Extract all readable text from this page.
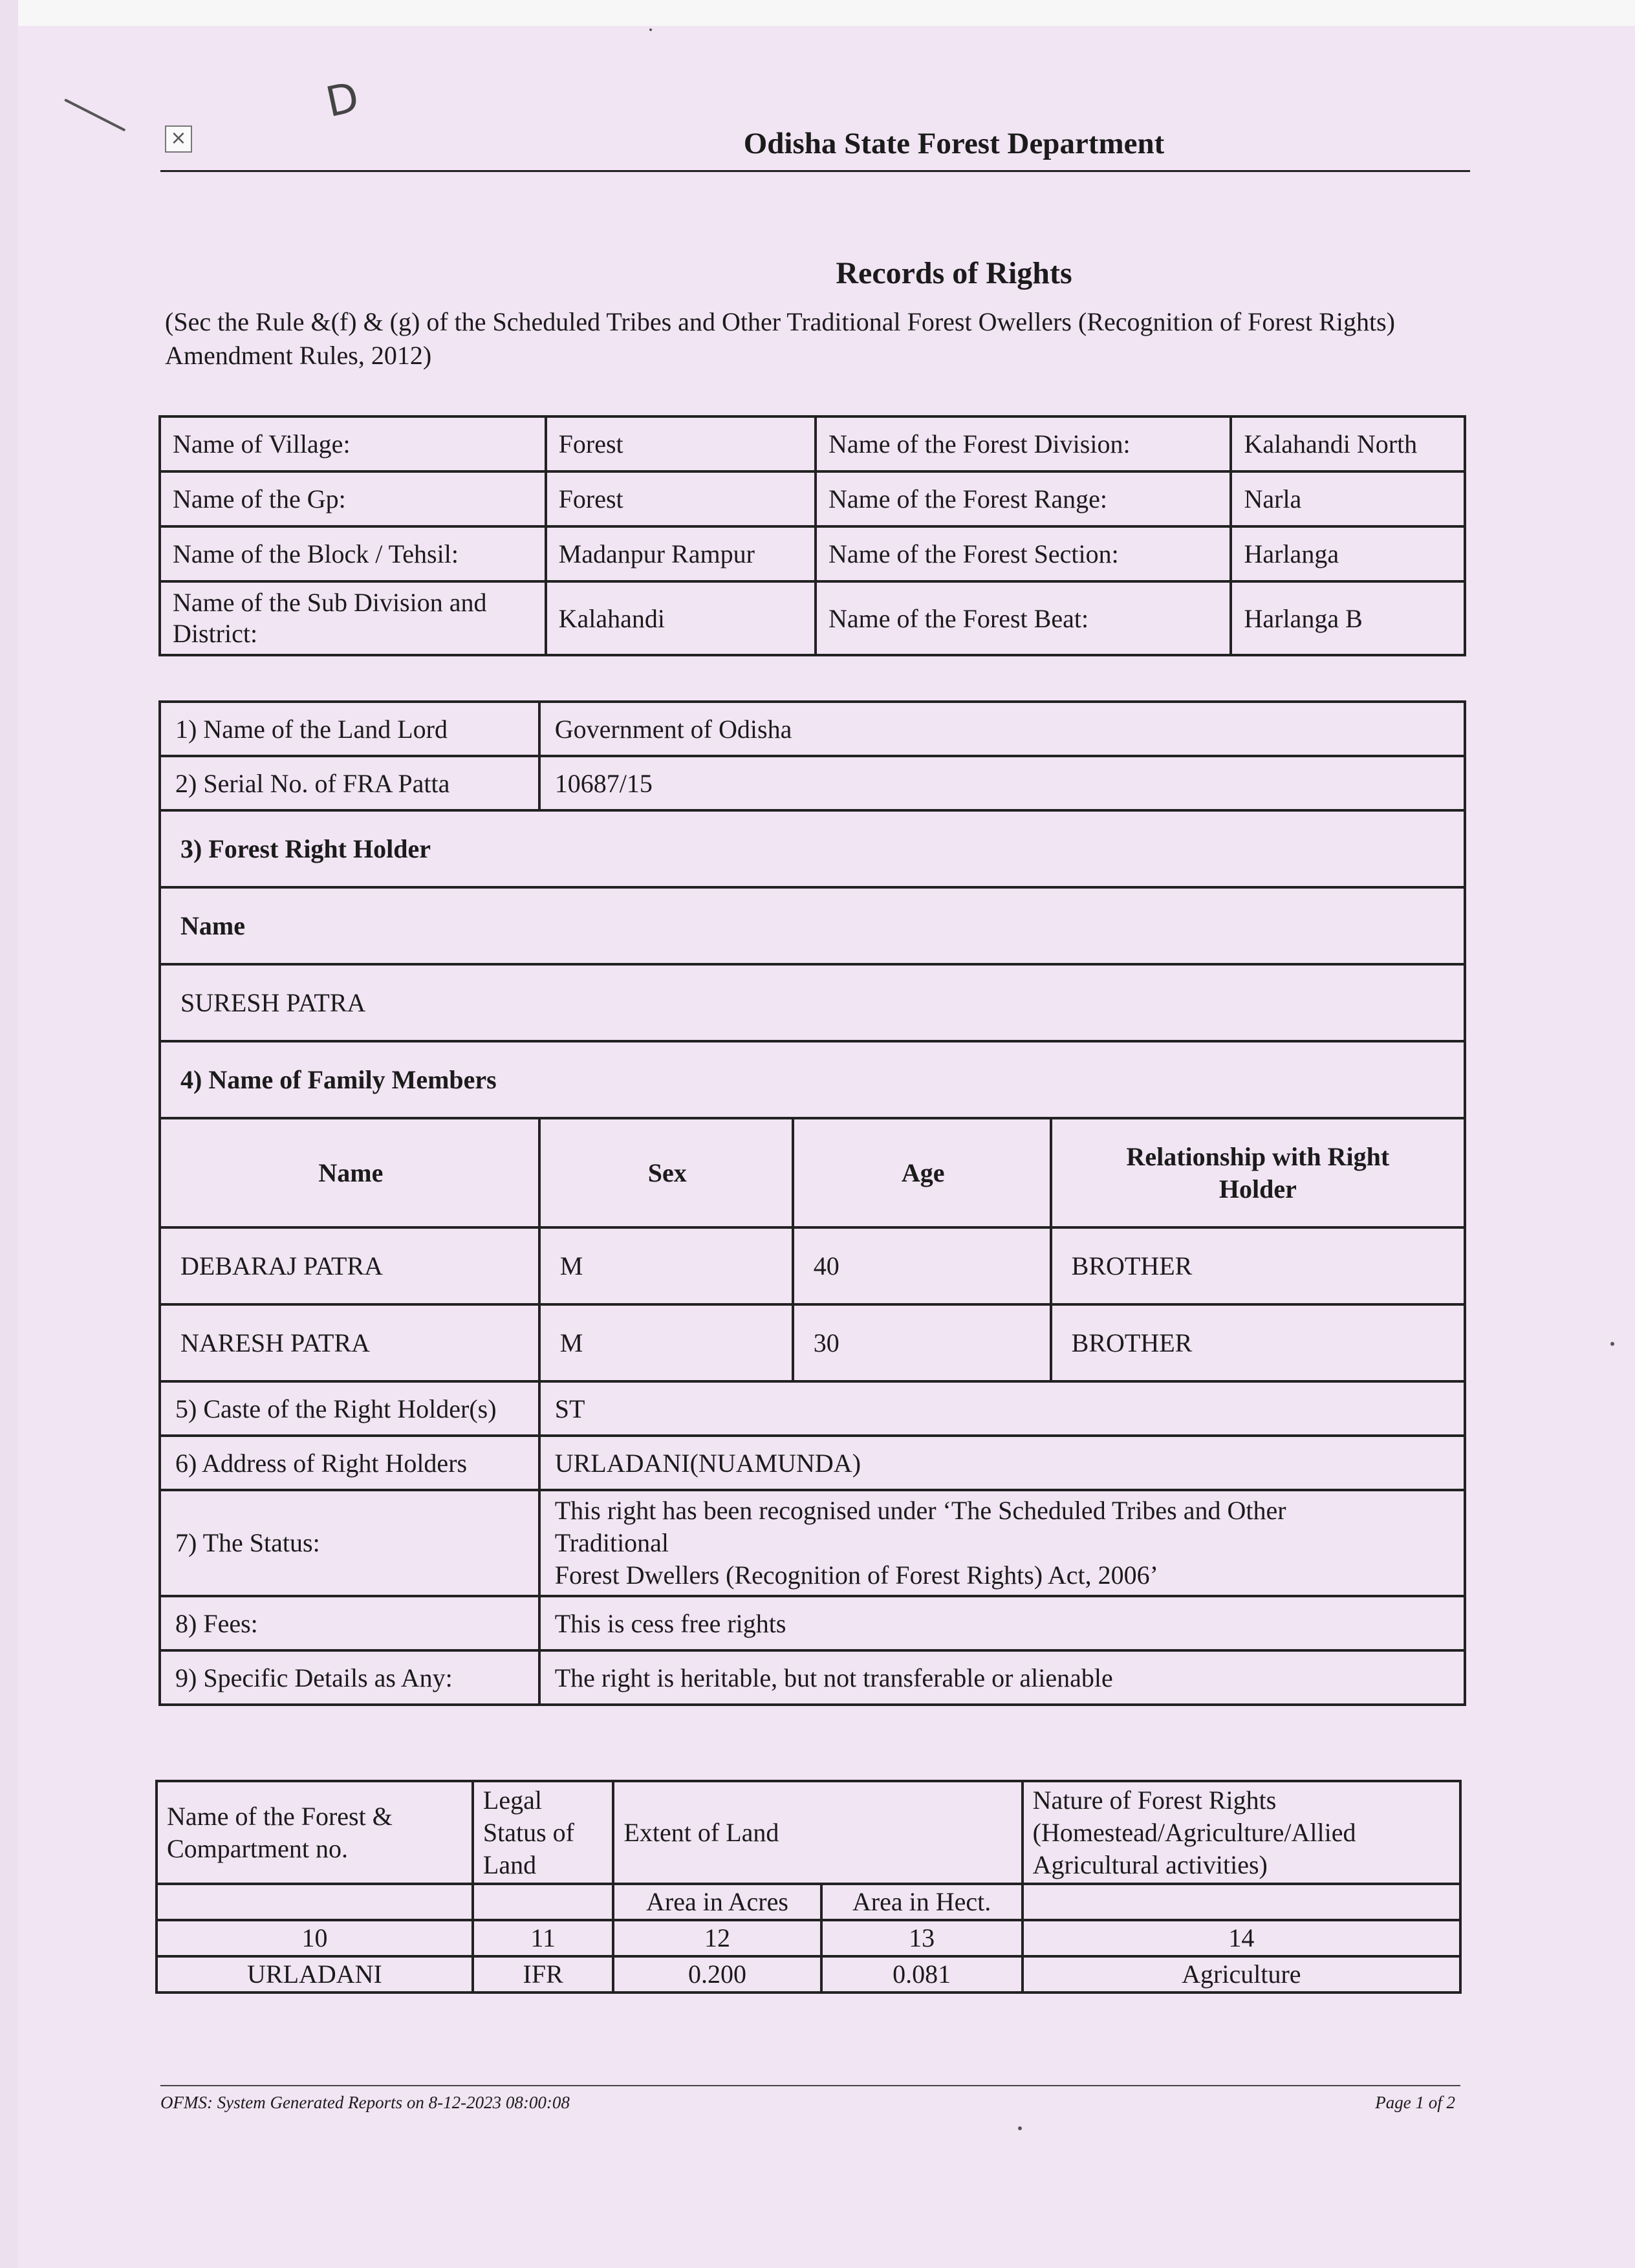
D
×	Odisha State Forest Department
Records of Rights
(Sec the Rule &(f) & (g) of the Scheduled Tribes and Other Traditional Forest Owellers (Recognition of Forest Rights) Amendment Rules, 2012)
Name of Village:	Forest	Name of the Forest Division:	Kalahandi North
Name of the Gp:	Forest	Name of the Forest Range:	Narla
Name of the Block / Tehsil:	Madanpur Rampur	Name of the Forest Section:	Harlanga
Name of the Sub Division and District:	Kalahandi	Name of the Forest Beat:	Harlanga B
1) Name of the Land Lord	Government of Odisha		
2) Serial No. of FRA Patta	10687/15		
3) Forest Right Holder			
Name			
SURESH PATRA			
4) Name of Family Members			
Name	Sex	Age	Relationship with Right Holder
DEBARAJ PATRA	M	40	BROTHER
NARESH PATRA	M	30	BROTHER
5) Caste of the Right Holder(s)	ST		
6) Address of Right Holders	URLADANI(NUAMUNDA)		
7) The Status:	This right has been recognised under ‘The Scheduled Tribes and Other
Traditional
Forest Dwellers (Recognition of Forest Rights) Act, 2006’		

8) Fees:	This is cess free rights		
9) Specific Details as Any:	The right is heritable, but not transferable or alienable		
Name of the Forest & Compartment no.	Legal Status of Land	Extent of Land		Nature of Forest Rights (Homestead/Agriculture/Allied Agricultural activities)
		Area in Acres	Area in Hect.	
10	11	12	13	14
URLADANI	IFR	0.200	0.081	Agriculture
OFMS: System Generated Reports on 8-12-2023 08:00:08	Page 1 of 2
